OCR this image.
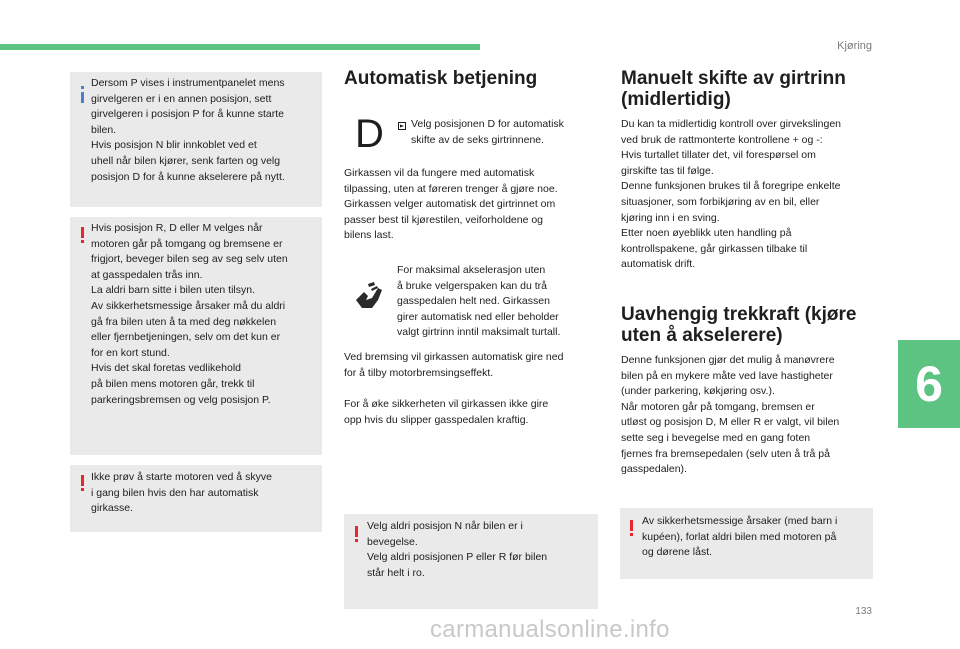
Kjøring
6

Dersom P vises i instrumentpanelet mens

girvelgeren er i en annen posisjon, sett

girvelgeren i posisjon P for å kunne starte

bilen.

Hvis posisjon N blir innkoblet ved et

uhell når bilen kjører, senk farten og velg

posisjon D for å kunne akselerere på nytt.

Hvis posisjon R, D eller M velges når

motoren går på tomgang og bremsene er

frigjort, beveger bilen seg av seg selv uten

at gasspedalen trås inn.

La aldri barn sitte i bilen uten tilsyn.

Av sikkerhetsmessige årsaker må du aldri

gå fra bilen uten å ta med deg nøkkelen

eller fjernbetjeningen, selv om det kun er

for en kort stund.

Hvis det skal foretas vedlikehold

på bilen mens motoren går, trekk til

parkeringsbremsen og velg posisjon P.

Ikke prøv å starte motoren ved å skyve

i gang bilen hvis den har automatisk

girkasse.

Automatisk betjening
D	Velg posisjonen D for automatisk

skifte av de seks girtrinnene.

Girkassen vil da fungere med automatisk

tilpassing, uten at føreren trenger å gjøre noe.

Girkassen velger automatisk det girtrinnet om

passer best til kjørestilen, veiforholdene og

bilens last.

For maksimal akselerasjon uten

å bruke velgerspaken kan du trå

gasspedalen helt ned. Girkassen

girer automatisk ned eller beholder

valgt girtrinn inntil maksimalt turtall.

Ved bremsing vil girkassen automatisk gire ned

for å tilby motorbremsingseffekt.

For å øke sikkerheten vil girkassen ikke gire

opp hvis du slipper gasspedalen kraftig.

Velg aldri posisjon N når bilen er i

bevegelse.

Velg aldri posisjonen P eller R før bilen

står helt i ro.

Manuelt skifte av girtrinn
(midlertidig)

Du kan ta midlertidig kontroll over girvekslingen

ved bruk de rattmonterte kontrollene + og -:

Hvis turtallet tillater det, vil forespørsel om

girskifte tas til følge.

Denne funksjonen brukes til å foregripe enkelte

situasjoner, som forbikjøring av en bil, eller

kjøring inn i en sving.

Etter noen øyeblikk uten handling på

kontrollspakene, går girkassen tilbake til

automatisk drift.

Uavhengig trekkraft (kjøre
uten å akselerere)

Denne funksjonen gjør det mulig å manøvrere

bilen på en mykere måte ved lave hastigheter

(under parkering, køkjøring osv.).

Når motoren går på tomgang, bremsen er

utløst og posisjon D, M eller R er valgt, vil bilen

sette seg i bevegelse med en gang foten

fjernes fra bremsepedalen (selv uten å trå på

gasspedalen).

Av sikkerhetsmessige årsaker (med barn i

kupéen), forlat aldri bilen med motoren på

og dørene låst.

133
carmanualsonline.info
